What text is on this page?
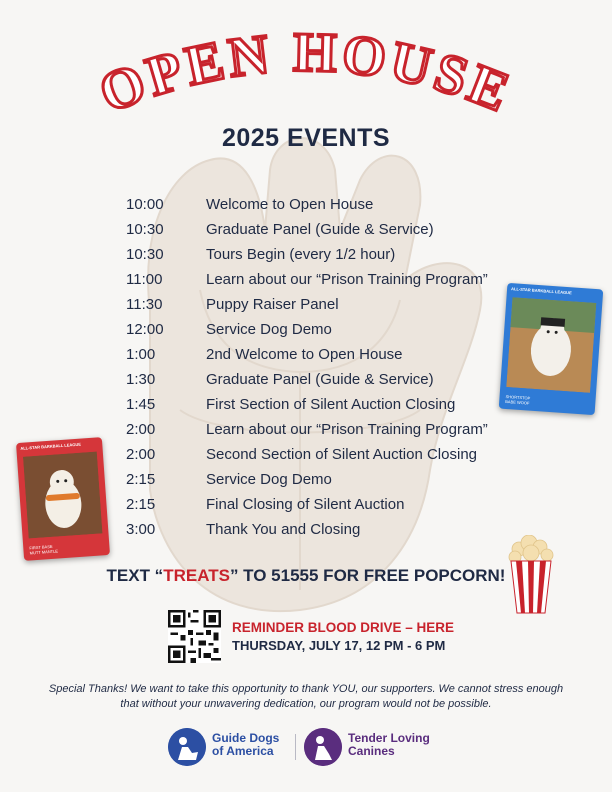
OPEN HOUSE
2025 EVENTS
10:00	Welcome to Open House
10:30	Graduate Panel (Guide & Service)
10:30	Tours Begin (every 1/2 hour)
11:00	Learn about our “Prison Training Program”
11:30	Puppy Raiser Panel
12:00	Service Dog Demo
1:00	2nd Welcome to Open House
1:30	Graduate Panel (Guide & Service)
1:45	First Section of Silent Auction Closing
2:00	Learn about our “Prison Training Program”
2:00	Second Section of Silent Auction Closing
2:15	Service Dog Demo
2:15	Final Closing of Silent Auction
3:00	Thank You and Closing
ALL-STAR BARKBALL LEAGUE
SHORTSTOP
BABE WOOF
ALL-STAR BARKBALL LEAGUE
FIRST BASE
MUTT MANTLE
TEXT “TREATS” TO 51555 FOR FREE POPCORN!
REMINDER BLOOD DRIVE – HERE
THURSDAY, JULY 17, 12 PM - 6 PM
Special Thanks! We want to take this opportunity to thank YOU, our supporters. We cannot stress enough that without your unwavering dedication, our program would not be possible.
Guide Dogs
of America
Tender Loving
Canines
